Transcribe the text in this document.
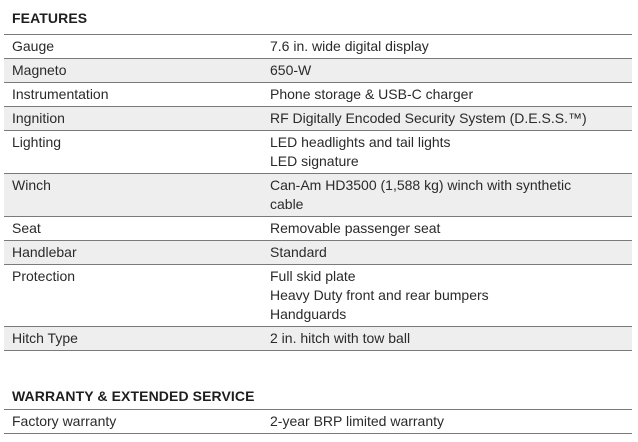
FEATURES
Gauge	7.6 in. wide digital display

Magneto	650-W

Instrumentation	Phone storage & USB-C charger

Ingnition	RF Digitally Encoded Security System (D.E.S.S.™)

Lighting	LED headlights and tail lights
LED signature

Winch	Can-Am HD3500 (1,588 kg) winch with synthetic
cable

Seat	Removable passenger seat

Handlebar	Standard

Protection	Full skid plate
Heavy Duty front and rear bumpers
Handguards

Hitch Type	2 in. hitch with tow ball
WARRANTY & EXTENDED SERVICE
Factory warranty	2-year BRP limited warranty
